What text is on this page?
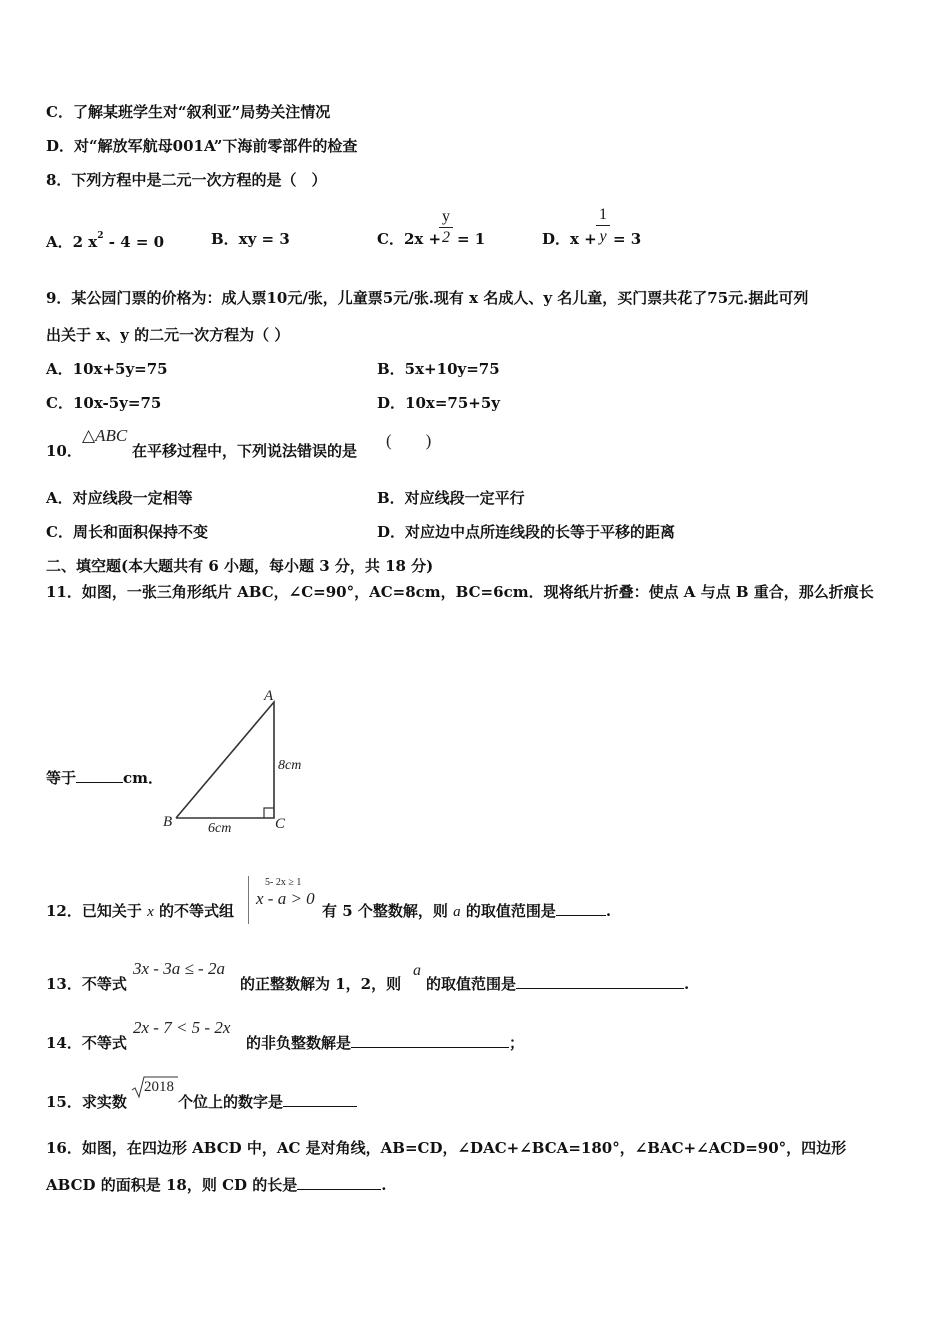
C．了解某班学生对“叙利亚”局势关注情况
D．对“解放军航母001A”下海前零部件的检查
8．下列方程中是二元一次方程的是（　）
A．2 $x^2 - 4 = 0$	B．xy = 3	C．2x +
$\frac{y}{2} = 1$	D．$x + \frac{1}{y} = 3$
9．某公园门票的价格为：成人票10元/张，儿童票5元/张.现有 x 名成人、y 名儿童，买门票共花了75元.据此可列
出关于 x、y 的二元一次方程为（ ）
A．10x+5y=75	B．5x+10y=75
C．10x-5y=75	D．10x=75+5y
10．
△ABC
在平移过程中，下列说法错误的是
(　　)
A．对应线段一定相等	B．对应线段一定平行
C．周长和面积保持不变	D．对应边中点所连线段的长等于平移的距离
二、填空题(本大题共有 6 小题，每小题 3 分，共 18 分)
11．如图，一张三角形纸片 ABC，∠C=90°，AC=8cm，BC=6cm．现将纸片折叠：使点 A 与点 B 重合，那么折痕长
等于	cm．
A
B	C
8cm
6cm
12．已知关于 x 的不等式组
5- 2x ≥ 1
x - a > 0
有 5 个整数解，则 a 的取值范围是	.
13．不等式
3x - 3a ≤ - 2a
的正整数解为 1，2，则
a
的取值范围是	.
14．不等式
2x - 7 < 5 - 2x
的非负整数解是	；
15．求实数
2018
个位上的数字是
16．如图，在四边形 ABCD 中，AC 是对角线，AB=CD，∠DAC+∠BCA=180°，∠BAC+∠ACD=90°，四边形
ABCD 的面积是 18，则 CD 的长是	.
